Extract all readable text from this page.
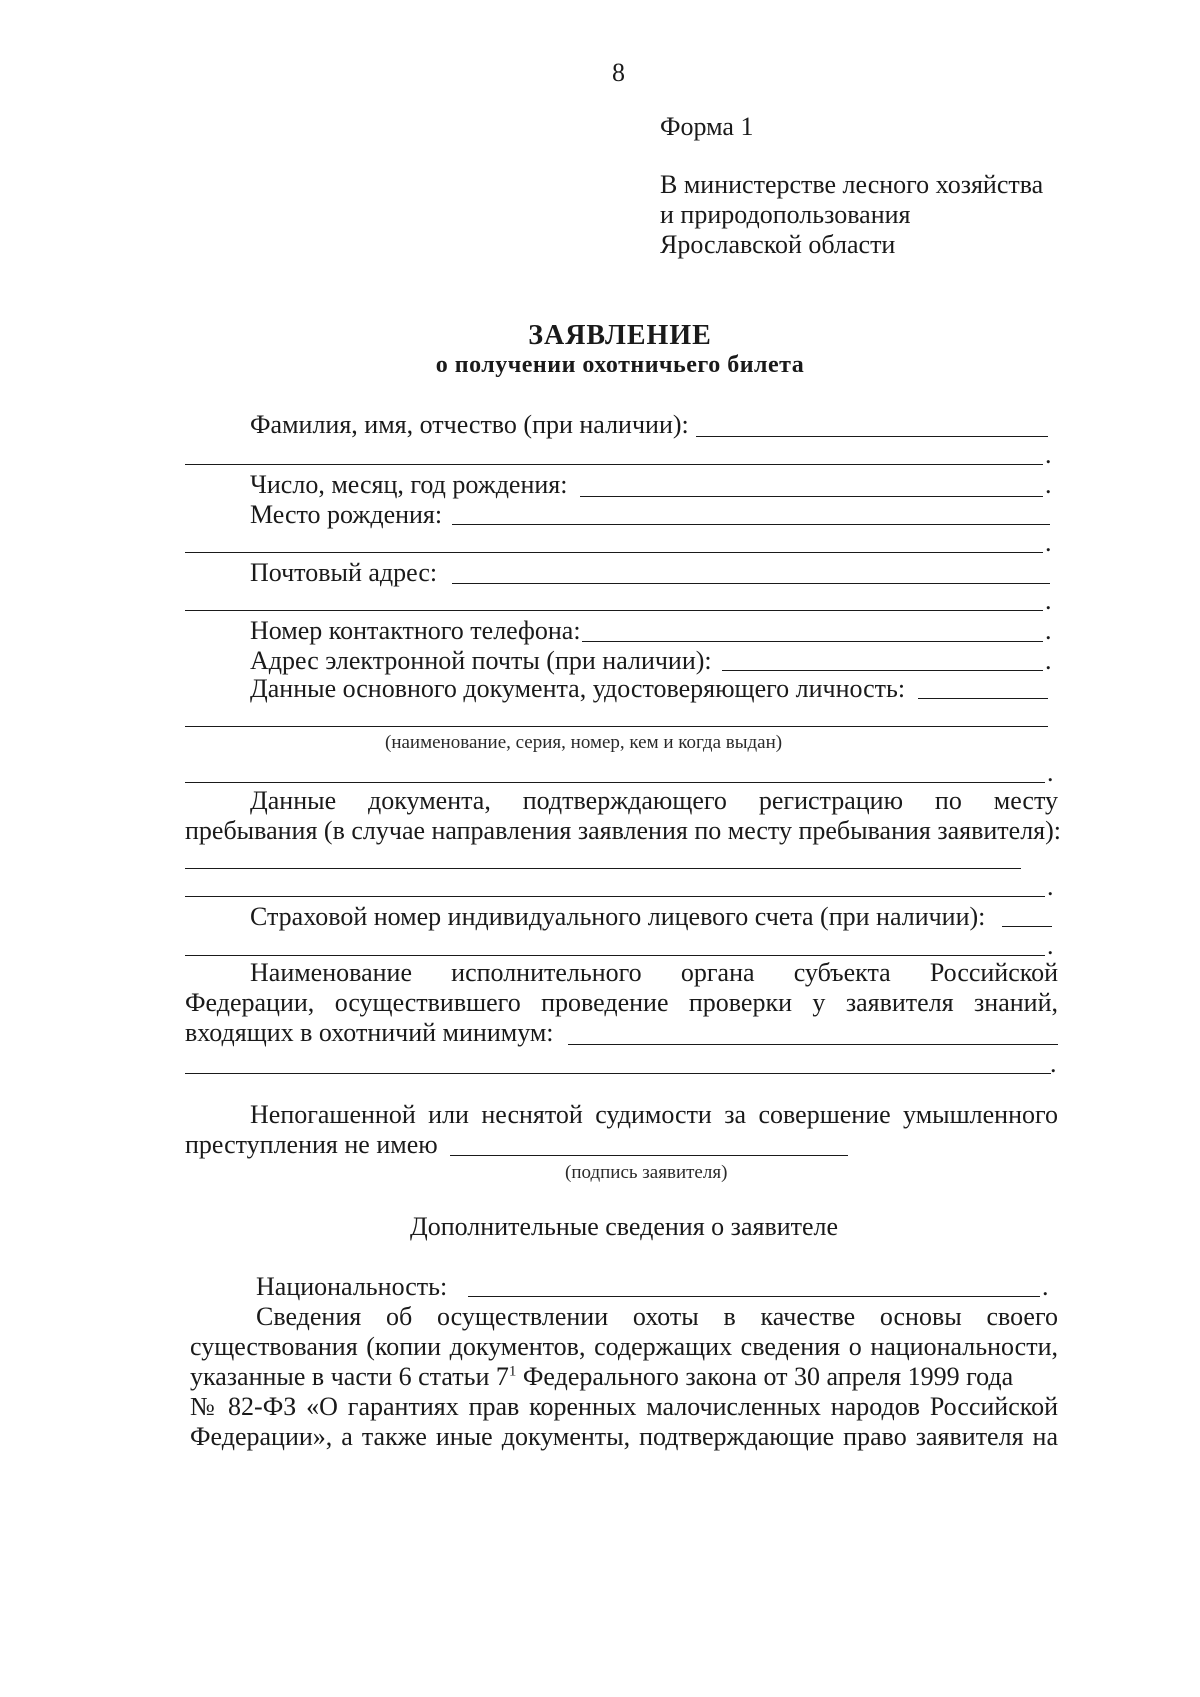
8
Форма 1
В министерстве лесного хозяйства
и природопользования
Ярославской области
ЗАЯВЛЕНИЕ
о получении охотничьего билета
Фамилия, имя, отчество (при наличии):
.
Число, месяц, год рождения:	.
Место рождения:
.
Почтовый адрес:
.
Номер контактного телефона:	.
Адрес электронной почты (при наличии):	.
Данные основного документа, удостоверяющего личность:
(наименование, серия, номер, кем и когда выдан)
.
Данные документа, подтверждающего регистрацию по месту
пребывания (в случае направления заявления по месту пребывания заявителя):
.
Страховой номер индивидуального лицевого счета (при наличии):
.
Наименование исполнительного органа субъекта Российской
Федерации, осуществившего проведение проверки у заявителя знаний,
входящих в охотничий минимум:
.
Непогашенной или неснятой судимости за совершение умышленного
преступления не имею
(подпись заявителя)
Дополнительные сведения о заявителе
Национальность:	.
Сведения об осуществлении охоты в качестве основы своего
существования (копии документов, содержащих сведения о национальности,
указанные в части 6 статьи $7^1$ Федерального закона от 30 апреля 1999 года
№ 82-ФЗ «О гарантиях прав коренных малочисленных народов Российской
Федерации», а также иные документы, подтверждающие право заявителя на
